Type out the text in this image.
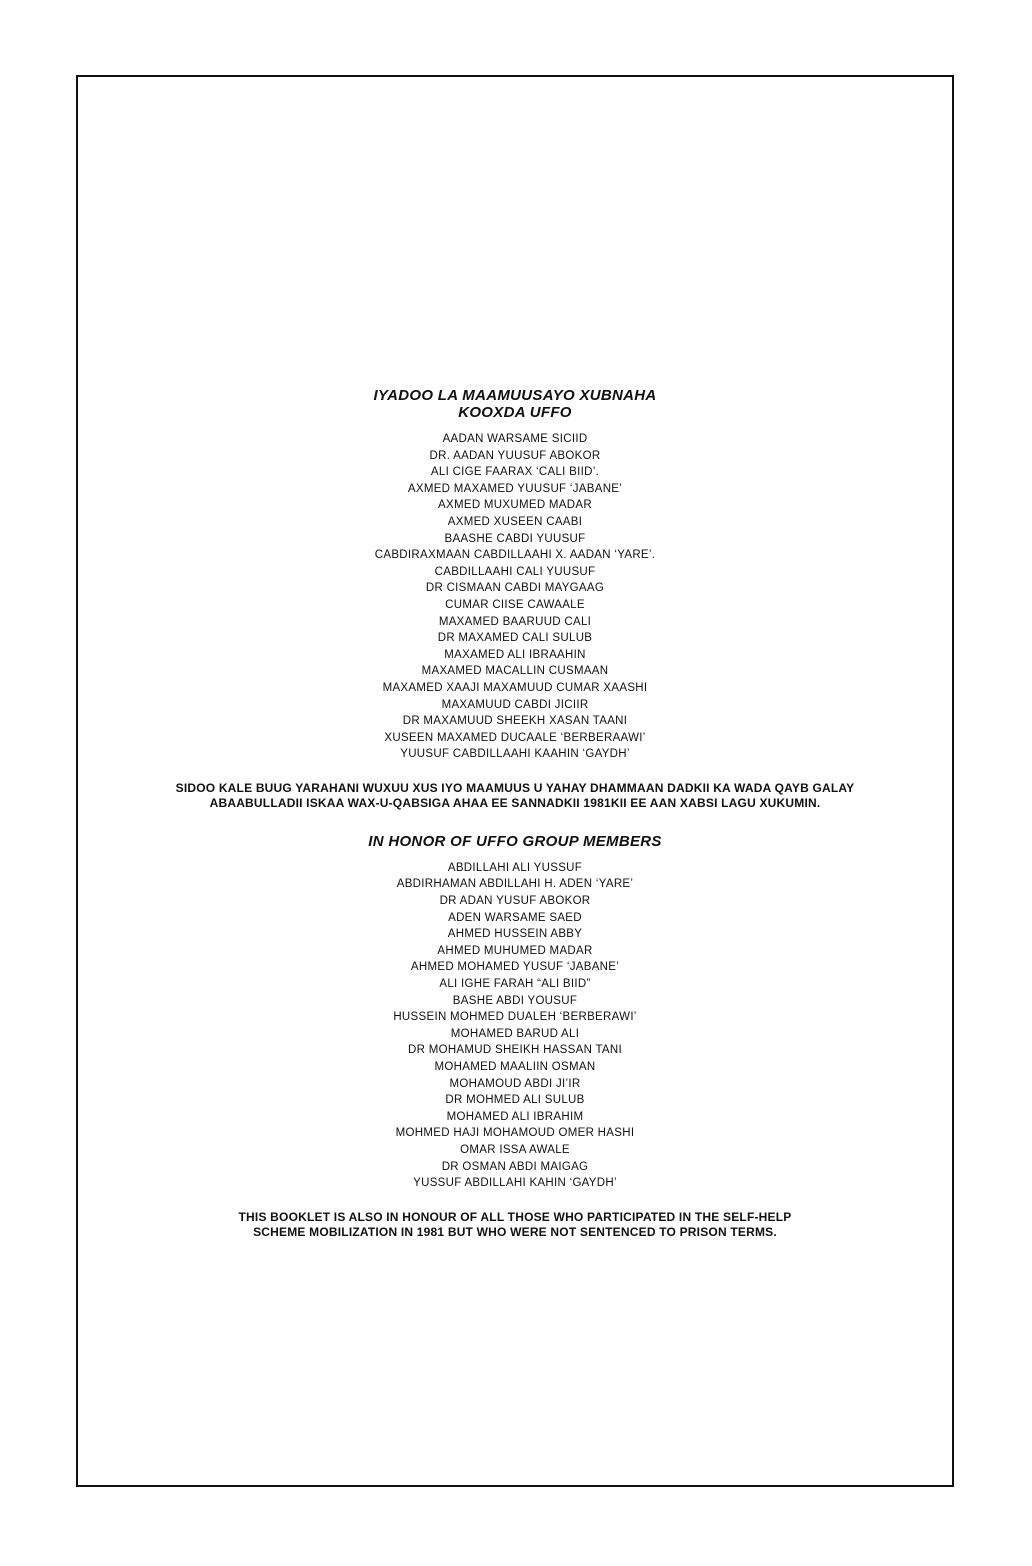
IYADOO LA MAAMUUSAYO XUBNAHA
KOOXDA UFFO
AADAN WARSAME SICIID
DR. AADAN YUUSUF ABOKOR
ALI CIGE FAARAX ‘CALI BIID’.
AXMED MAXAMED YUUSUF ‘JABANE’
AXMED MUXUMED MADAR
AXMED XUSEEN CAABI
BAASHE CABDI YUUSUF
CABDIRAXMAAN CABDILLAAHI X. AADAN ‘YARE’.
CABDILLAAHI CALI YUUSUF
DR CISMAAN CABDI MAYGAAG
CUMAR CIISE CAWAALE
MAXAMED BAARUUD CALI
DR MAXAMED CALI SULUB
MAXAMED ALI IBRAAHIN
MAXAMED MACALLIN CUSMAAN
MAXAMED XAAJI MAXAMUUD CUMAR XAASHI
MAXAMUUD CABDI JICIIR
DR MAXAMUUD SHEEKH XASAN TAANI
XUSEEN MAXAMED DUCAALE ‘BERBERAAWI’
YUUSUF CABDILLAAHI KAAHIN ‘GAYDH’

SIDOO KALE BUUG YARAHANI WUXUU XUS IYO MAAMUUS U YAHAY DHAMMAAN DADKII KA WADA QAYB GALAY
ABAABULLADII ISKAA WAX-U-QABSIGA AHAA EE SANNADKII 1981KII EE AAN XABSI LAGU XUKUMIN.

IN HONOR OF UFFO GROUP MEMBERS
ABDILLAHI ALI YUSSUF
ABDIRHAMAN ABDILLAHI H. ADEN ‘YARE’
DR ADAN YUSUF ABOKOR
ADEN WARSAME SAED
AHMED HUSSEIN ABBY
AHMED MUHUMED MADAR
AHMED MOHAMED YUSUF ‘JABANE’
ALI IGHE FARAH “ALI BIID”
BASHE ABDI YOUSUF
HUSSEIN MOHMED DUALEH ‘BERBERAWI’
MOHAMED BARUD ALI
DR MOHAMUD SHEIKH HASSAN TANI
MOHAMED MAALIIN OSMAN
MOHAMOUD ABDI JI’IR
DR MOHMED ALI SULUB
MOHAMED ALI IBRAHIM
MOHMED HAJI MOHAMOUD OMER HASHI
OMAR ISSA AWALE
DR OSMAN ABDI MAIGAG
YUSSUF ABDILLAHI KAHIN ‘GAYDH’

THIS BOOKLET IS ALSO IN HONOUR OF ALL THOSE WHO PARTICIPATED IN THE SELF-HELP
SCHEME MOBILIZATION IN 1981 BUT WHO WERE NOT SENTENCED TO PRISON TERMS.
